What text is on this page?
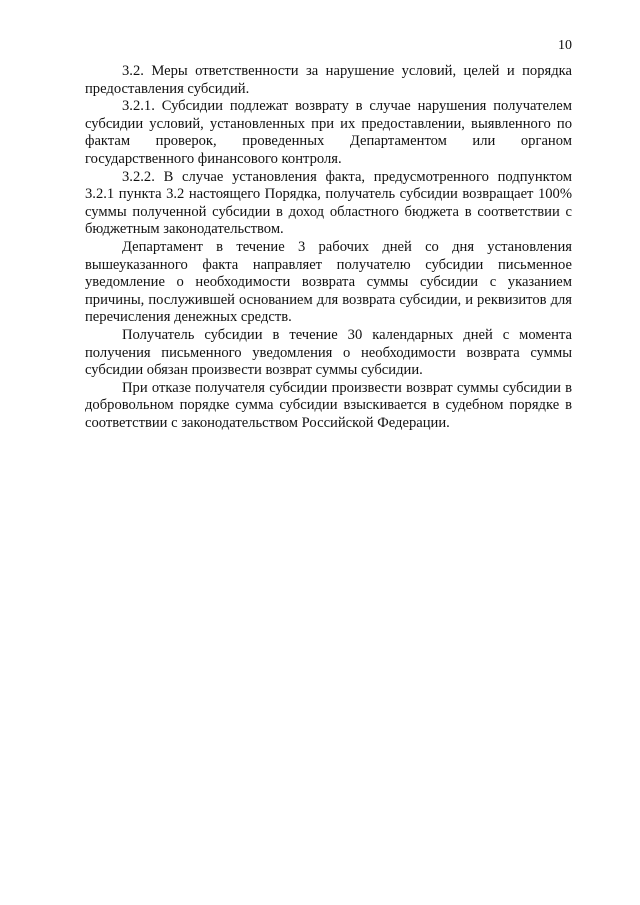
10

3.2. Меры ответственности за нарушение условий, целей и порядка предоставления субсидий.

3.2.1. Субсидии подлежат возврату в случае нарушения получателем субсидии условий, установленных при их предоставлении, выявленного по фактам проверок, проведенных Департаментом или органом государственного финансового контроля.

3.2.2. В случае установления факта, предусмотренного подпунктом 3.2.1 пункта 3.2 настоящего Порядка, получатель субсидии возвращает 100% суммы полученной субсидии в доход областного бюджета в соответствии с бюджетным законодательством.

Департамент в течение 3 рабочих дней со дня установления вышеуказанного факта направляет получателю субсидии письменное уведомление о необходимости возврата суммы субсидии с указанием причины, послужившей основанием для возврата субсидии, и реквизитов для перечисления денежных средств.

Получатель субсидии в течение 30 календарных дней с момента получения письменного уведомления о необходимости возврата суммы субсидии обязан произвести возврат суммы субсидии.

При отказе получателя субсидии произвести возврат суммы субсидии в добровольном порядке сумма субсидии взыскивается в судебном порядке в соответствии с законодательством Российской Федерации.
